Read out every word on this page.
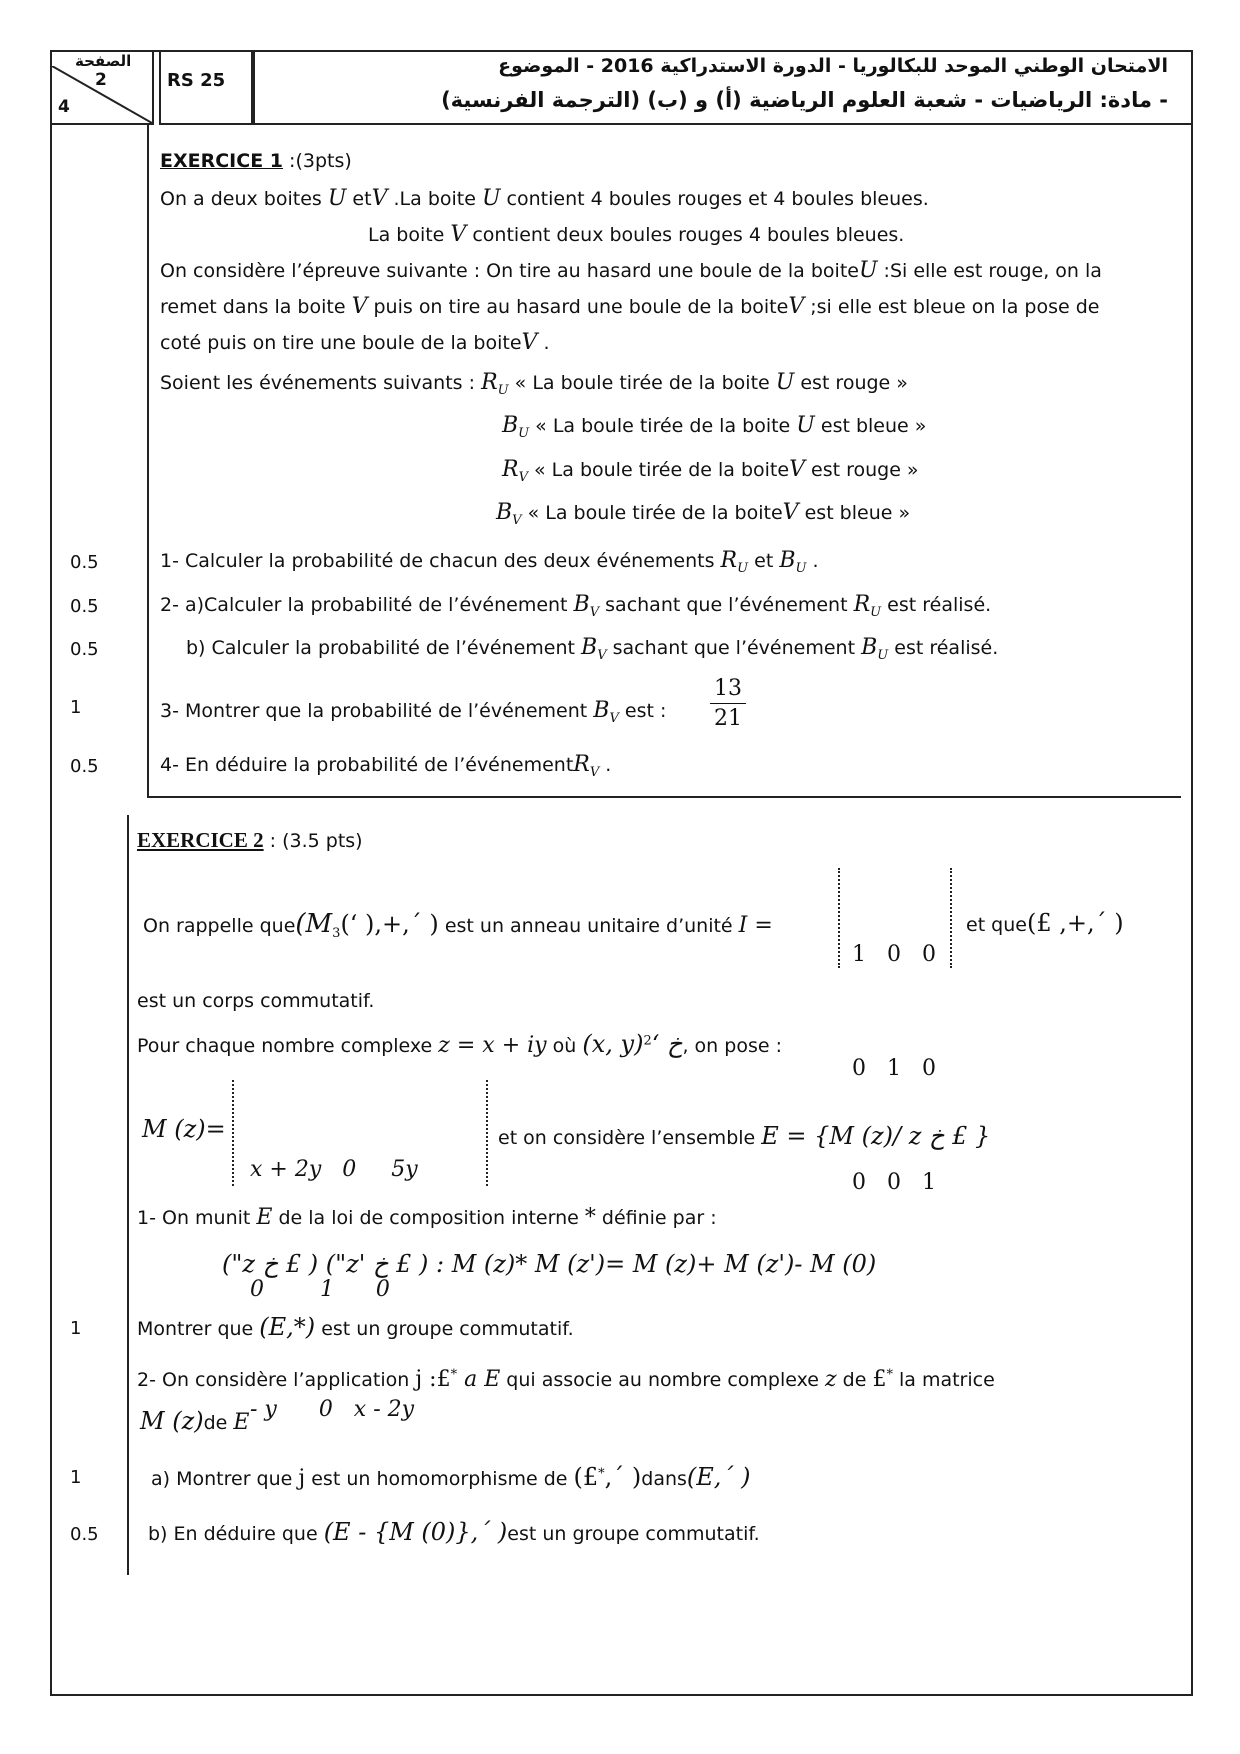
الصفحة
2
4
RS 25
الامتحان الوطني الموحد للبكالوريا - الدورة الاستدراكية 2016 - الموضوع
- مادة: الرياضيات - شعبة العلوم الرياضية (أ) و (ب) (الترجمة الفرنسية)
EXERCICE 1 :(3pts)
On a deux boites U etV .La boite U contient 4 boules rouges et 4 boules bleues.
La boite V contient deux boules rouges 4 boules bleues.
On considère l’épreuve suivante : On tire au hasard une boule de la boiteU :Si elle est rouge, on la
remet dans la boite V puis on tire au hasard une boule de la boiteV ;si elle est bleue on la pose de
coté puis on tire une boule de la boiteV .
Soient les événements suivants : $R_U$ « La boule tirée de la boite U est rouge »
$B_U$ « La boule tirée de la boite U est bleue »
$R_V$ « La boule tirée de la boiteV est rouge »
$B_V$ « La boule tirée de la boiteV est bleue »
0.5	1- Calculer la probabilité de chacun des deux événements $R_U$ et $B_U$ .
0.5	2- a)Calculer la probabilité de l’événement $B_V$ sachant que l’événement $R_U$ est réalisé.
0.5	b) Calculer la probabilité de l’événement $B_V$ sachant que l’événement $B_U$ est réalisé.
1	3- Montrer que la probabilité de l’événement $B_V$ est :
13
21
0.5	4- En déduire la probabilité de l’événementR$_V$ .
EXERCICE 2 : (3.5 pts)
On rappelle $que(M_3(‘$ ),+,´ ) est un anneau unitaire d’unité I =

1   0   0

0   1   0

0   0   1

et que(£ ,+,´ )
est un corps commutatif.
Pour chaque nombre complexe z = x + iy où (x, y)خ ‘$^2$ , on pose :
M (z)=

x + 2y   0     5y

0        1      0

- y      0   x - 2y

et on considère l’ensemble E = {M (z)/ z خ £ }
1- On munit E de la loi de composition interne * définie par :
("z خ £ ) ("z' خ £ ) : M (z)* M (z')= M (z)+ M (z')- M (0)
1	Montrer que (E,*) est un groupe commutatif.
2- On considère l’application j :£* a E qui associe au nombre complexe z de £* la matrice
M (z)de E
1	a) Montrer que j est un homomorphisme de (£*,´ )dans(E,´ )
0.5	b) En déduire que (E - {M (0)},´ )est un groupe commutatif.
